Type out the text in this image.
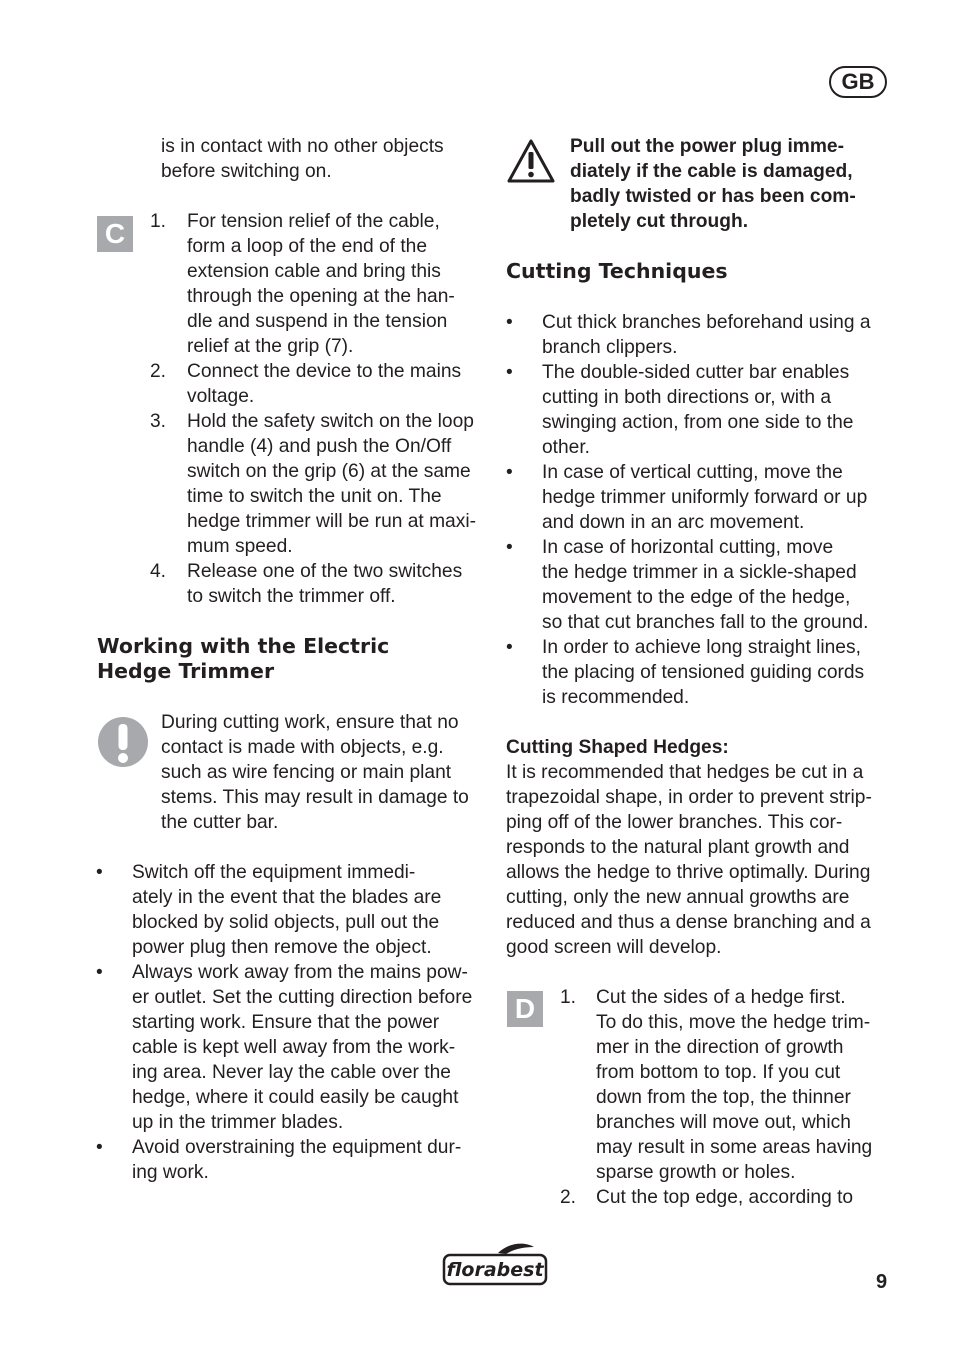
GB
is in contact with no other objects
before switching on.
C	1. For tension relief of the cable,
form a loop of the end of the
extension cable and bring this
through the opening at the han-
dle and suspend in the tension
relief at the grip (7).
2. Connect the device to the mains
voltage.
3. Hold the safety switch on the loop
handle (4) and push the On/Off
switch on the grip (6) at the same
time to switch the unit on. The
hedge trimmer will be run at maxi-
mum speed.
4. Release one of the two switches
to switch the trimmer off.
Working with the Electric
Hedge Trimmer
During cutting work, ensure that no
contact is made with objects, e.g.
such as wire fencing or main plant
stems. This may result in damage to
the cutter bar.
• Switch off the equipment immedi-
ately in the event that the blades are
blocked by solid objects, pull out the
power plug then remove the object.
• Always work away from the mains pow-
er outlet. Set the cutting direction before
starting work. Ensure that the power
cable is kept well away from the work-
ing area. Never lay the cable over the
hedge, where it could easily be caught
up in the trimmer blades.
• Avoid overstraining the equipment dur-
ing work.
Pull out the power plug imme-
diately if the cable is damaged,
badly twisted or has been com-
pletely cut through.
Cutting Techniques
• Cut thick branches beforehand using a
branch clippers.
• The double-sided cutter bar enables
cutting in both directions or, with a
swinging action, from one side to the
other.
• In case of vertical cutting, move the
hedge trimmer uniformly forward or up
and down in an arc movement.
• In case of horizontal cutting, move
the hedge trimmer in a sickle-shaped
movement to the edge of the hedge,
so that cut branches fall to the ground.
• In order to achieve long straight lines,
the placing of tensioned guiding cords
is recommended.
Cutting Shaped Hedges:
It is recommended that hedges be cut in a
trapezoidal shape, in order to prevent strip-
ping off of the lower branches. This cor-
responds to the natural plant growth and
allows the hedge to thrive optimally. During
cutting, only the new annual growths are
reduced and thus a dense branching and a
good screen will develop.
D	1. Cut the sides of a hedge first.
To do this, move the hedge trim-
mer in the direction of growth
from bottom to top. If you cut
down from the top, the thinner
branches will move out, which
may result in some areas having
sparse growth or holes.
2. Cut the top edge, according to
florabest
9
